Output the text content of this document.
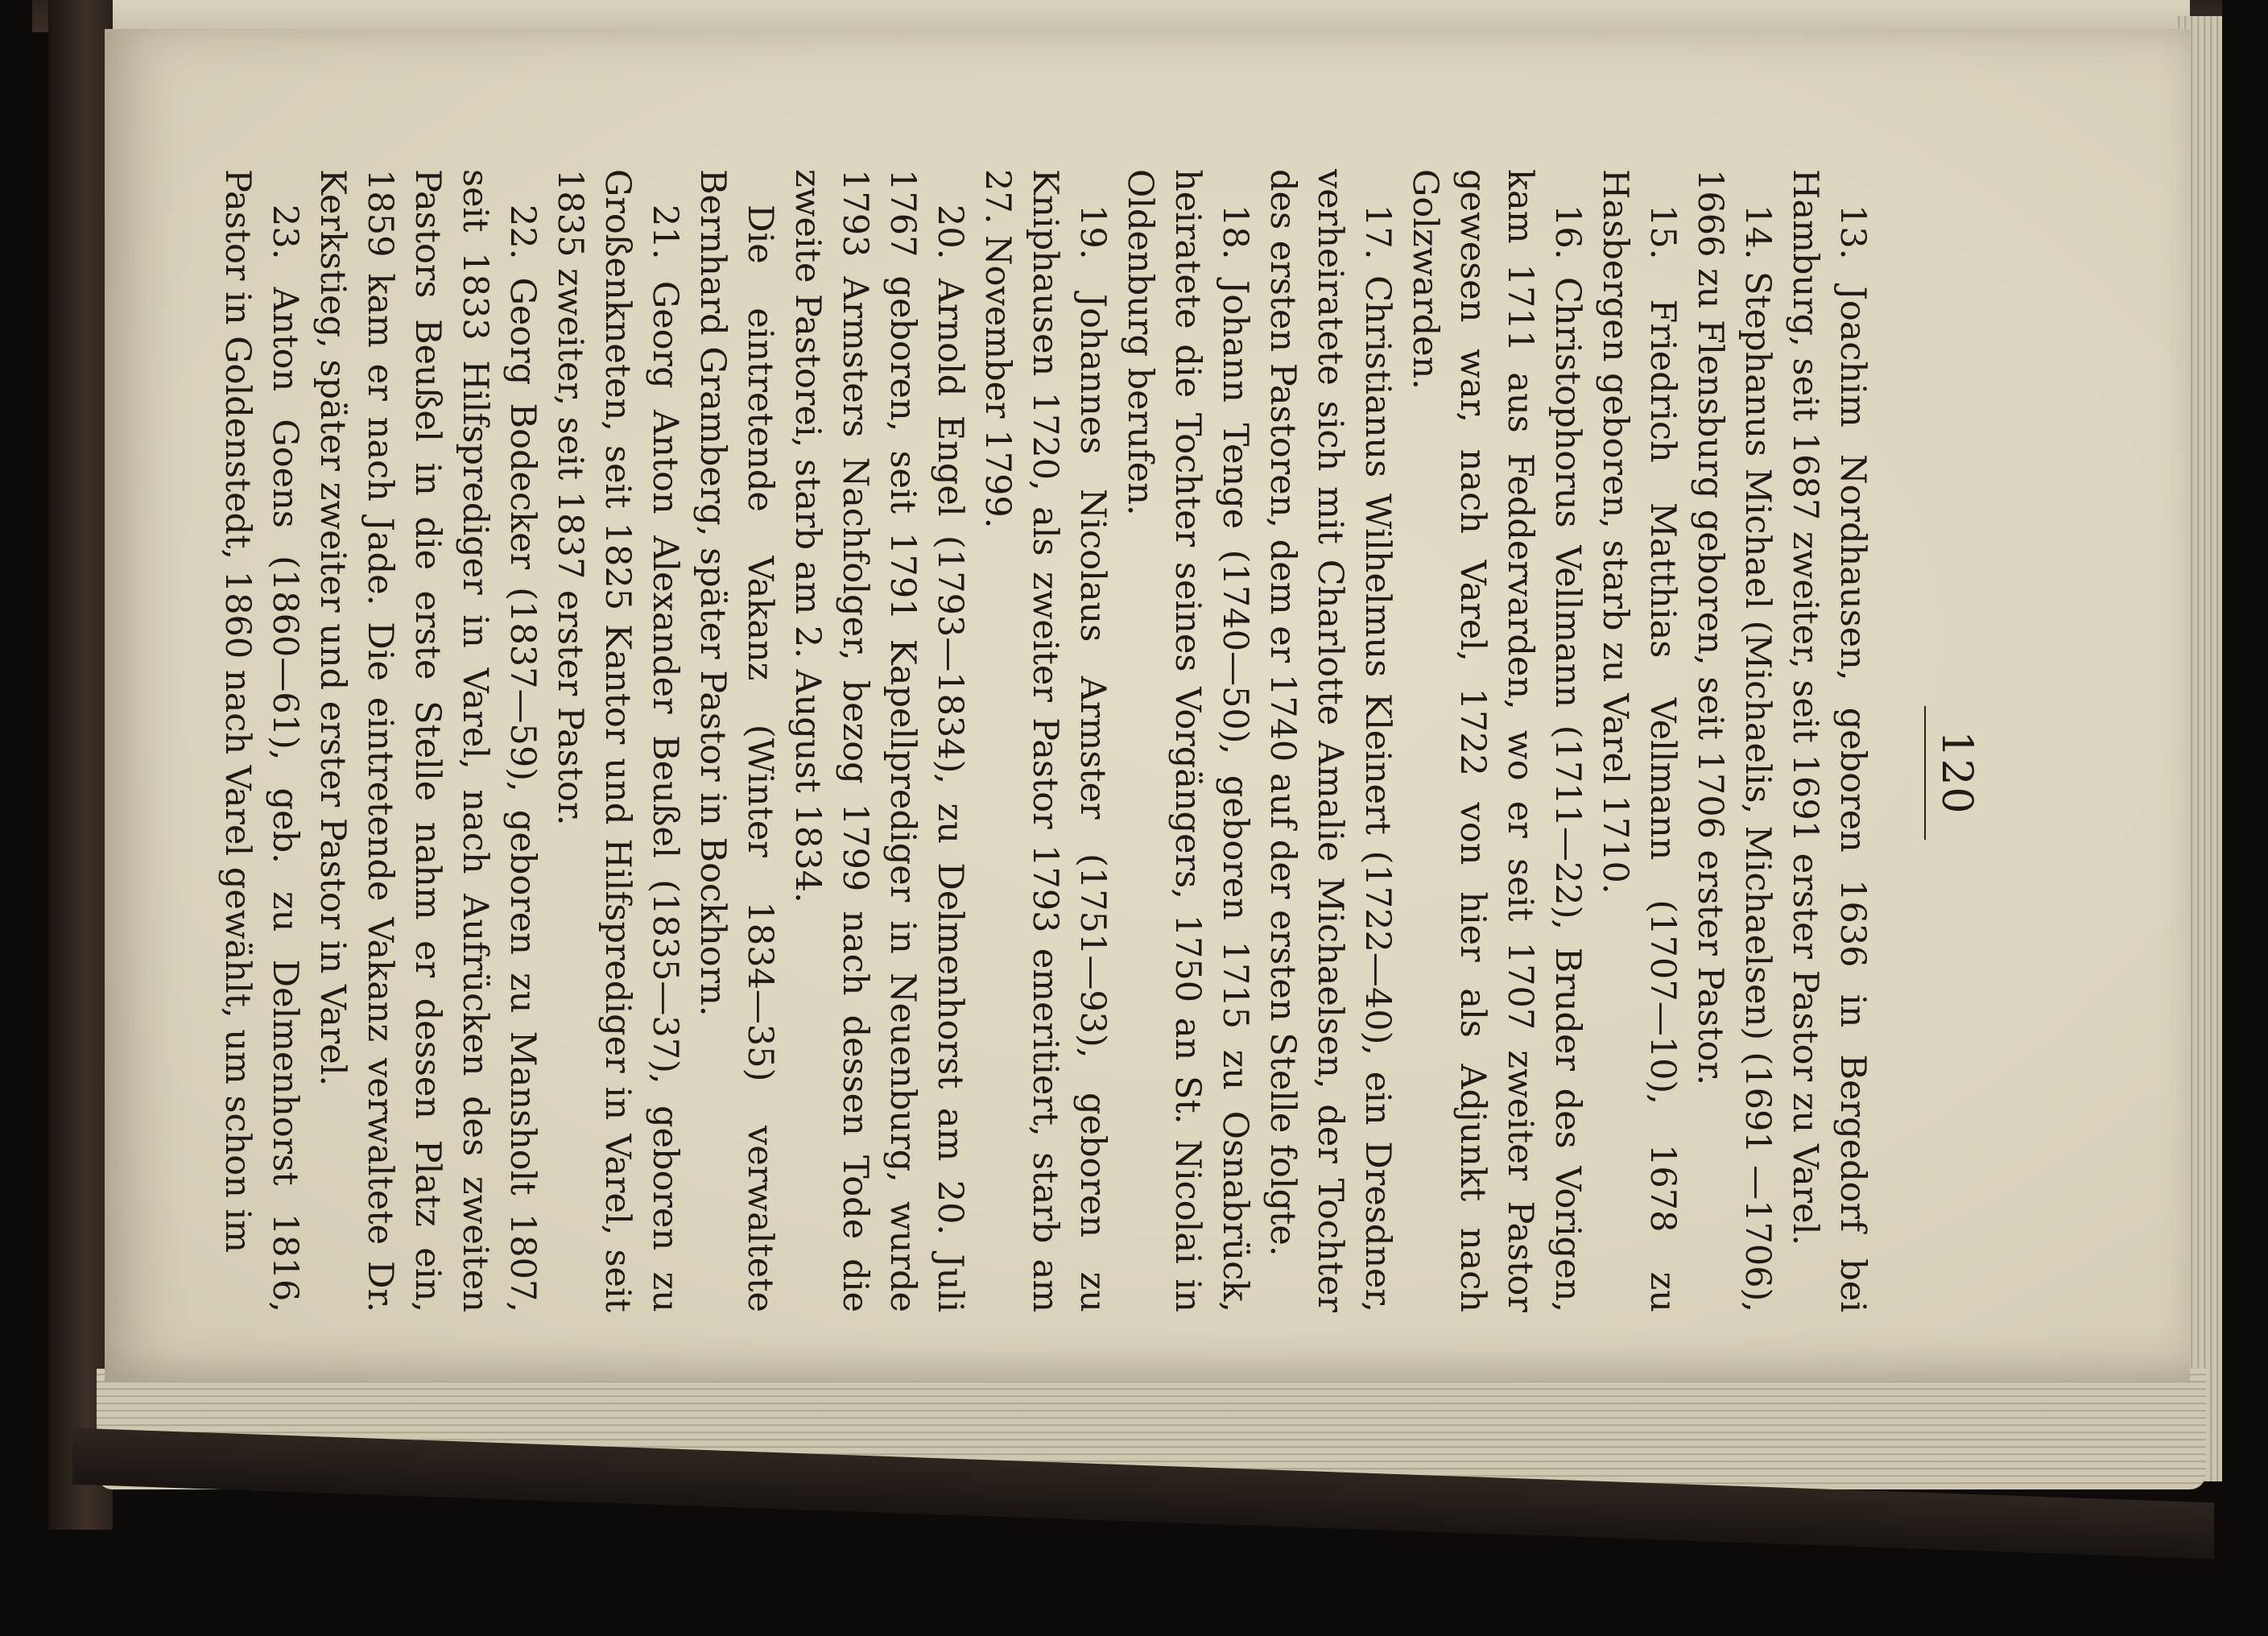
120

13. Joachim Nordhausen, geboren 1636 in Bergedorf bei Hamburg, seit 1687 zweiter, seit 1691 erster Pastor zu Varel.

14. Stephanus Michael (Michaelis, Michaelsen) (1691 —1706), 1666 zu Flensburg geboren, seit 1706 erster Pastor.

15. Friedrich Matthias Vellmann (1707—10), 1678 zu Hasbergen geboren, starb zu Varel 1710.

16. Christophorus Vellmann (1711—22), Bruder des Vorigen, kam 1711 aus Feddervarden, wo er seit 1707 zweiter Pastor gewesen war, nach Varel, 1722 von hier als Adjunkt nach Golzwarden.

17. Christianus Wilhelmus Kleinert (1722—40), ein Dresdner, verheiratete sich mit Charlotte Amalie Michaelsen, der Tochter des ersten Pastoren, dem er 1740 auf der ersten Stelle folgte.

18. Johann Tenge (1740—50), geboren 1715 zu Osnabrück, heiratete die Tochter seines Vorgängers, 1750 an St. Nicolai in Oldenburg berufen.

19. Johannes Nicolaus Armster (1751—93), geboren zu Kniphausen 1720, als zweiter Pastor 1793 emeritiert, starb am 27. November 1799.

20. Arnold Engel (1793—1834), zu Delmenhorst am 20. Juli 1767 geboren, seit 1791 Kapellprediger in Neuenburg, wurde 1793 Armsters Nachfolger, bezog 1799 nach dessen Tode die zweite Pastorei, starb am 2. August 1834.

Die eintretende Vakanz (Winter 1834—35) verwaltete Bernhard Gramberg, später Pastor in Bockhorn.

21. Georg Anton Alexander Beußel (1835—37), geboren zu Großenkneten, seit 1825 Kantor und Hilfsprediger in Varel, seit 1835 zweiter, seit 1837 erster Pastor.

22. Georg Bodecker (1837—59), geboren zu Mansholt 1807, seit 1833 Hilfsprediger in Varel, nach Aufrücken des zweiten Pastors Beußel in die erste Stelle nahm er dessen Platz ein, 1859 kam er nach Jade. Die eintretende Vakanz verwaltete Dr. Kerkstieg, später zweiter und erster Pastor in Varel.

23. Anton Goens (1860—61), geb. zu Delmenhorst 1816, Pastor in Goldenstedt, 1860 nach Varel gewählt, um schon im
